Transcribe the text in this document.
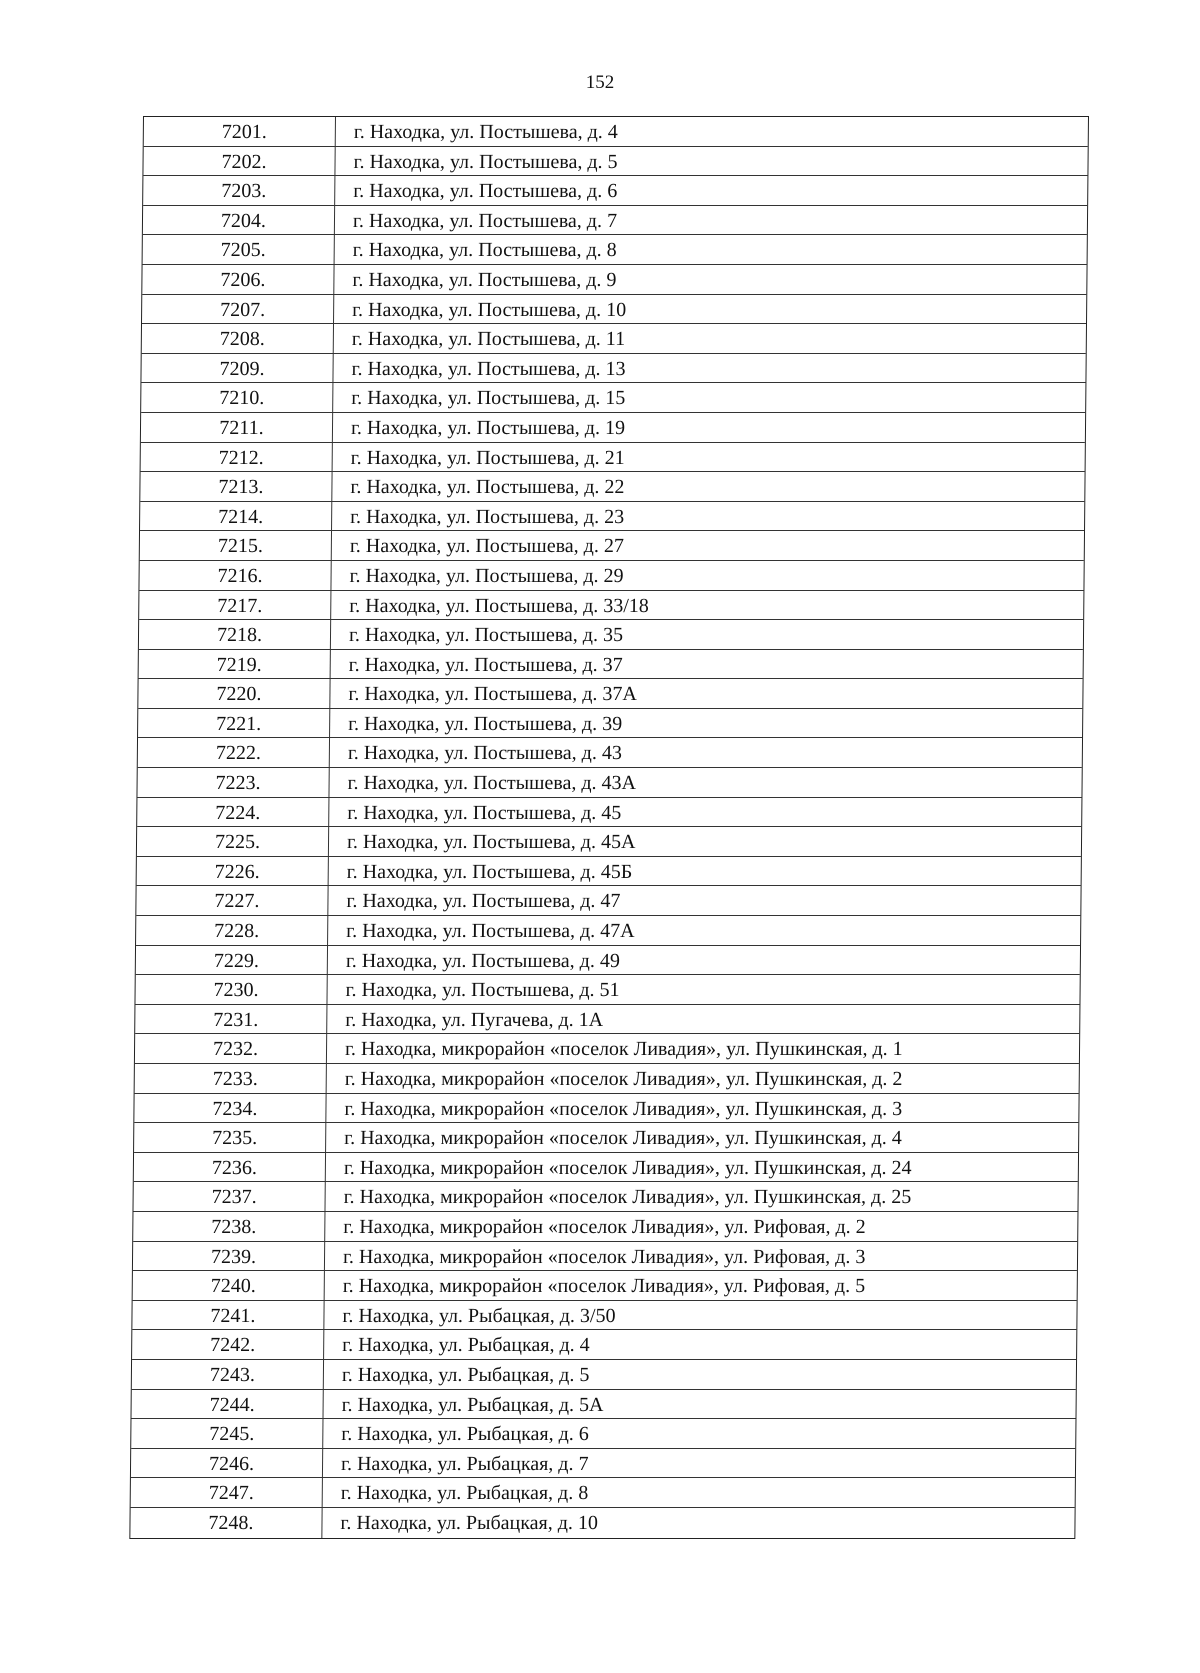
152
7201.	г. Находка, ул. Постышева, д. 4
7202.	г. Находка, ул. Постышева, д. 5
7203.	г. Находка, ул. Постышева, д. 6
7204.	г. Находка, ул. Постышева, д. 7
7205.	г. Находка, ул. Постышева, д. 8
7206.	г. Находка, ул. Постышева, д. 9
7207.	г. Находка, ул. Постышева, д. 10
7208.	г. Находка, ул. Постышева, д. 11
7209.	г. Находка, ул. Постышева, д. 13
7210.	г. Находка, ул. Постышева, д. 15
7211.	г. Находка, ул. Постышева, д. 19
7212.	г. Находка, ул. Постышева, д. 21
7213.	г. Находка, ул. Постышева, д. 22
7214.	г. Находка, ул. Постышева, д. 23
7215.	г. Находка, ул. Постышева, д. 27
7216.	г. Находка, ул. Постышева, д. 29
7217.	г. Находка, ул. Постышева, д. 33/18
7218.	г. Находка, ул. Постышева, д. 35
7219.	г. Находка, ул. Постышева, д. 37
7220.	г. Находка, ул. Постышева, д. 37А
7221.	г. Находка, ул. Постышева, д. 39
7222.	г. Находка, ул. Постышева, д. 43
7223.	г. Находка, ул. Постышева, д. 43А
7224.	г. Находка, ул. Постышева, д. 45
7225.	г. Находка, ул. Постышева, д. 45А
7226.	г. Находка, ул. Постышева, д. 45Б
7227.	г. Находка, ул. Постышева, д. 47
7228.	г. Находка, ул. Постышева, д. 47А
7229.	г. Находка, ул. Постышева, д. 49
7230.	г. Находка, ул. Постышева, д. 51
7231.	г. Находка, ул. Пугачева, д. 1А
7232.	г. Находка, микрорайон «поселок Ливадия», ул. Пушкинская, д. 1
7233.	г. Находка, микрорайон «поселок Ливадия», ул. Пушкинская, д. 2
7234.	г. Находка, микрорайон «поселок Ливадия», ул. Пушкинская, д. 3
7235.	г. Находка, микрорайон «поселок Ливадия», ул. Пушкинская, д. 4
7236.	г. Находка, микрорайон «поселок Ливадия», ул. Пушкинская, д. 24
7237.	г. Находка, микрорайон «поселок Ливадия», ул. Пушкинская, д. 25
7238.	г. Находка, микрорайон «поселок Ливадия», ул. Рифовая, д. 2
7239.	г. Находка, микрорайон «поселок Ливадия», ул. Рифовая, д. 3
7240.	г. Находка, микрорайон «поселок Ливадия», ул. Рифовая, д. 5
7241.	г. Находка, ул. Рыбацкая, д. 3/50
7242.	г. Находка, ул. Рыбацкая, д. 4
7243.	г. Находка, ул. Рыбацкая, д. 5
7244.	г. Находка, ул. Рыбацкая, д. 5А
7245.	г. Находка, ул. Рыбацкая, д. 6
7246.	г. Находка, ул. Рыбацкая, д. 7
7247.	г. Находка, ул. Рыбацкая, д. 8
7248.	г. Находка, ул. Рыбацкая, д. 10
